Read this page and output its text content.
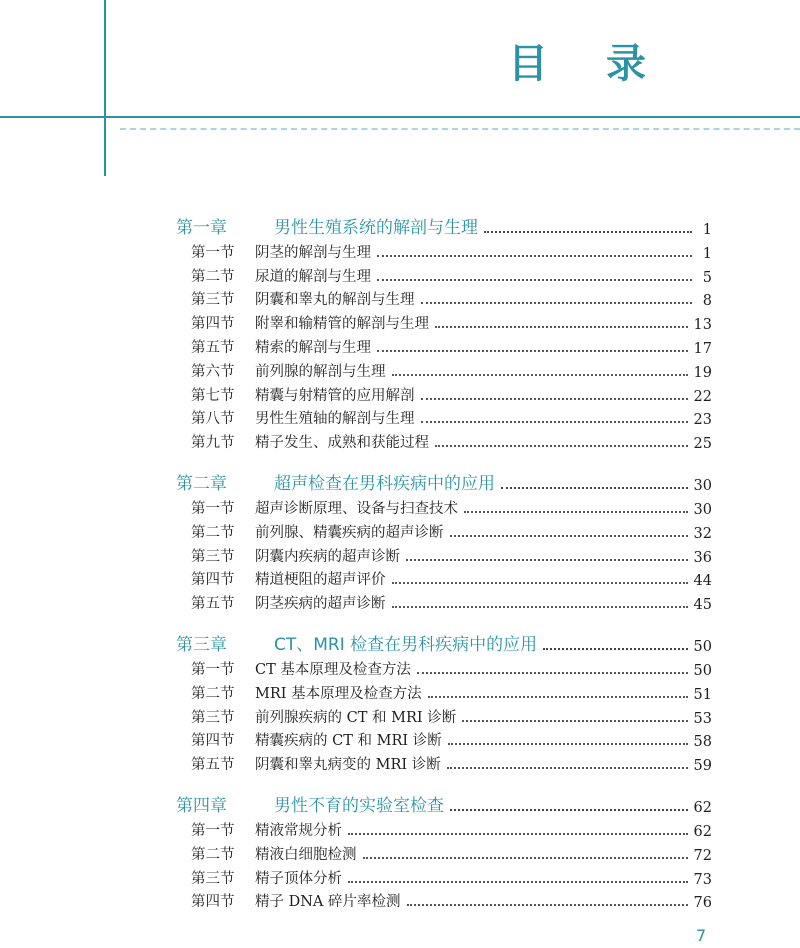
目录
第一章	男性生殖系统的解剖与生理	1
第一节	阴茎的解剖与生理	1
第二节	尿道的解剖与生理	5
第三节	阴囊和睾丸的解剖与生理	8
第四节	附睾和输精管的解剖与生理	13
第五节	精索的解剖与生理	17
第六节	前列腺的解剖与生理	19
第七节	精囊与射精管的应用解剖	22
第八节	男性生殖轴的解剖与生理	23
第九节	精子发生、成熟和获能过程	25
第二章	超声检查在男科疾病中的应用	30
第一节	超声诊断原理、设备与扫查技术	30
第二节	前列腺、精囊疾病的超声诊断	32
第三节	阴囊内疾病的超声诊断	36
第四节	精道梗阻的超声评价	44
第五节	阴茎疾病的超声诊断	45
第三章	CT、MRI 检查在男科疾病中的应用	50
第一节	CT 基本原理及检查方法	50
第二节	MRI 基本原理及检查方法	51
第三节	前列腺疾病的 CT 和 MRI 诊断	53
第四节	精囊疾病的 CT 和 MRI 诊断	58
第五节	阴囊和睾丸病变的 MRI 诊断	59
第四章	男性不育的实验室检查	62
第一节	精液常规分析	62
第二节	精液白细胞检测	72
第三节	精子顶体分析	73
第四节	精子 DNA 碎片率检测	76
7
